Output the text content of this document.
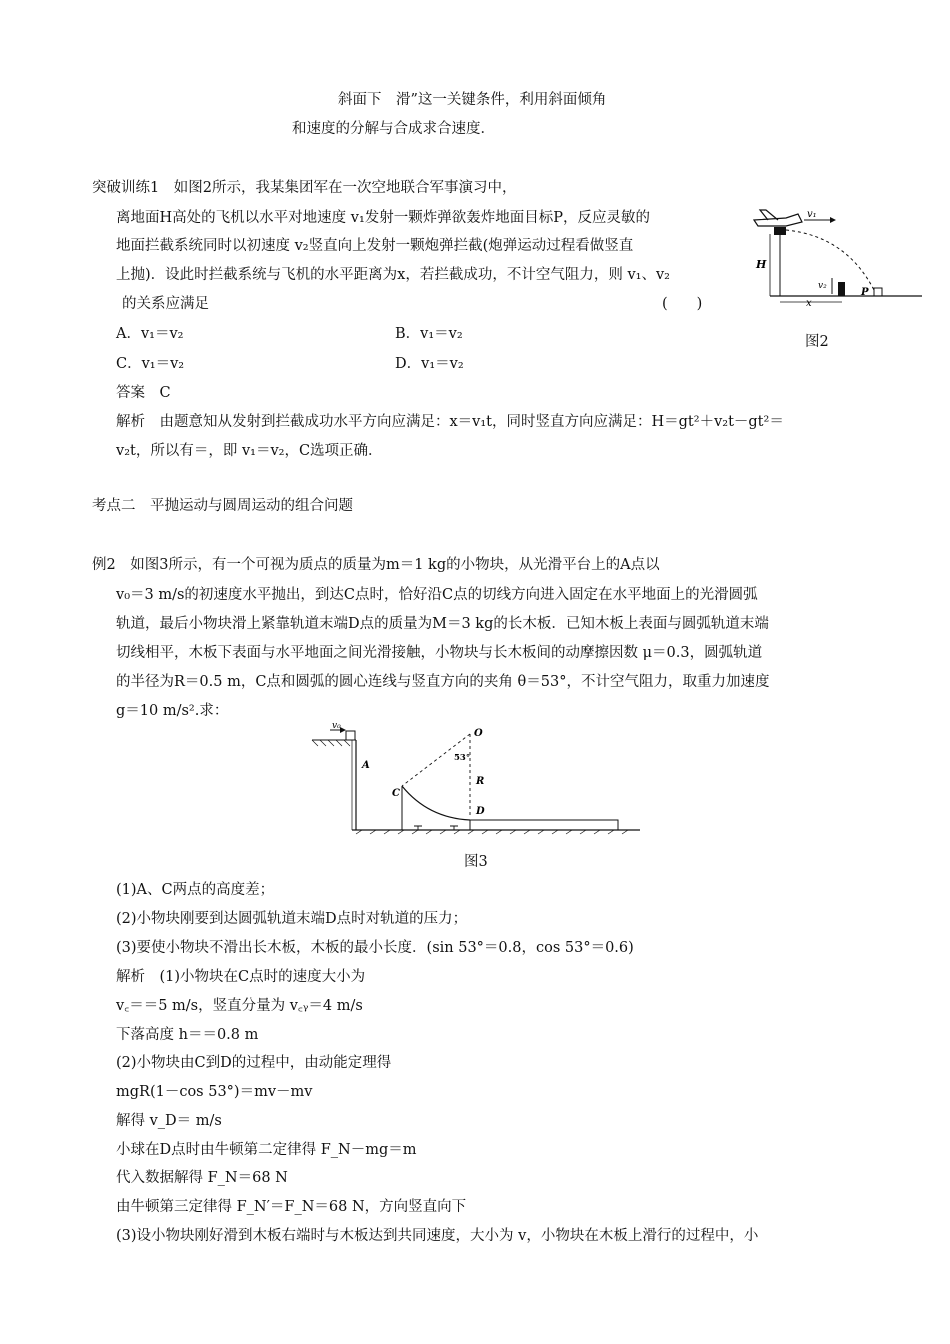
斜面下　滑”这一关键条件，利用斜面倾角
和速度的分解与合成求合速度．
突破训练1　如图2所示，我某集团军在一次空地联合军事演习中，
离地面H高处的飞机以水平对地速度 v₁发射一颗炸弹欲轰炸地面目标P，反应灵敏的
地面拦截系统同时以初速度 v₂竖直向上发射一颗炮弹拦截(炮弹运动过程看做竖直
上抛)．设此时拦截系统与飞机的水平距离为x，若拦截成功，不计空气阻力，则 v₁、v₂
的关系应满足	(　　)
v₁
H
v₂
P
x
图2
A．v₁＝v₂	B．v₁＝v₂
C．v₁＝v₂	D．v₁＝v₂
答案　C
解析　由题意知从发射到拦截成功水平方向应满足：x＝v₁t，同时竖直方向应满足：H＝gt²＋v₂t－gt²＝
v₂t，所以有＝，即 v₁＝v₂，C选项正确．
考点二　平抛运动与圆周运动的组合问题
例2　如图3所示，有一个可视为质点的质量为m＝1 kg的小物块，从光滑平台上的A点以
v₀＝3 m/s的初速度水平抛出，到达C点时，恰好沿C点的切线方向进入固定在水平地面上的光滑圆弧
轨道，最后小物块滑上紧靠轨道末端D点的质量为M＝3 kg的长木板．已知木板上表面与圆弧轨道末端
切线相平，木板下表面与水平地面之间光滑接触，小物块与长木板间的动摩擦因数 μ＝0.3，圆弧轨道
的半径为R＝0.5 m，C点和圆弧的圆心连线与竖直方向的夹角 θ＝53°，不计空气阻力，取重力加速度
g＝10 m/s².求：
v₀
A
O
53°
R
C
D
图3
(1)A、C两点的高度差；
(2)小物块刚要到达圆弧轨道末端D点时对轨道的压力；
(3)要使小物块不滑出长木板，木板的最小长度．(sin 53°＝0.8，cos 53°＝0.6)
解析　(1)小物块在C点时的速度大小为
v꜀＝＝5 m/s，竖直分量为 v꜀ᵧ＝4 m/s
下落高度 h＝＝0.8 m
(2)小物块由C到D的过程中，由动能定理得
mgR(1－cos 53°)＝mv－mv
解得 v_D＝ m/s
小球在D点时由牛顿第二定律得 F_N－mg＝m
代入数据解得 F_N＝68 N
由牛顿第三定律得 F_N′＝F_N＝68 N，方向竖直向下
(3)设小物块刚好滑到木板右端时与木板达到共同速度，大小为 v，小物块在木板上滑行的过程中，小
